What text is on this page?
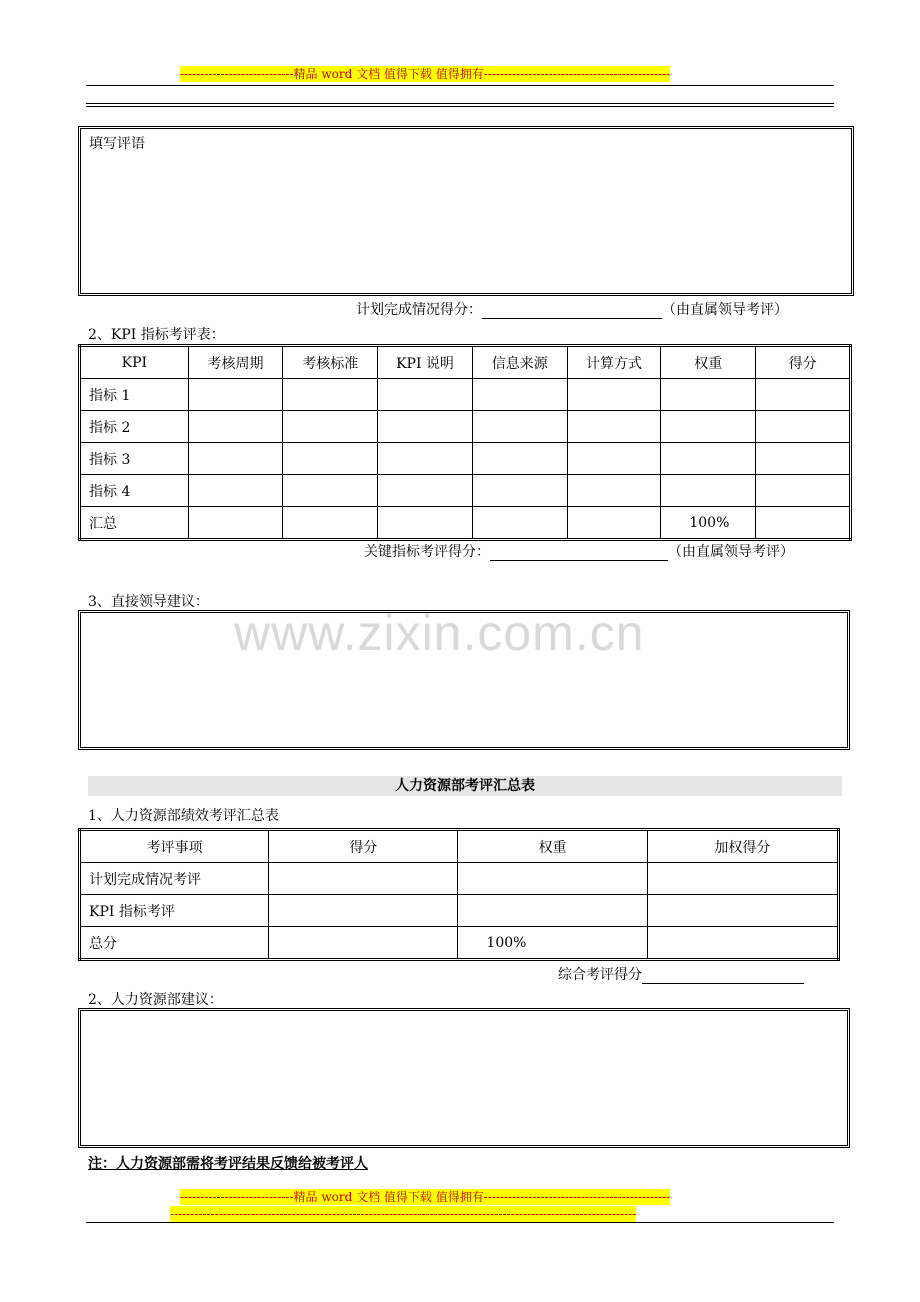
----------------------------精品 word 文档 值得下载 值得拥有----------------------------------------------
填写评语
计划完成情况得分：	（由直属领导考评）
2、KPI 指标考评表：
KPI	考核周期	考核标准	KPI 说明	信息来源	计算方式	权重	得分
指标 1							
指标 2							
指标 3							
指标 4							
汇总						100%	
关键指标考评得分：	（由直属领导考评）
3、直接领导建议：
www.zixin.com.cn
人力资源部考评汇总表
1、人力资源部绩效考评汇总表
考评事项	得分	权重	加权得分
计划完成情况考评			
KPI 指标考评			
总分		100%	
综合考评得分
2、人力资源部建议：
注：人力资源部需将考评结果反馈给被考评人
----------------------------精品 word 文档 值得下载 值得拥有----------------------------------------------
-------------------------------------------------------------------------------------------------------------------
